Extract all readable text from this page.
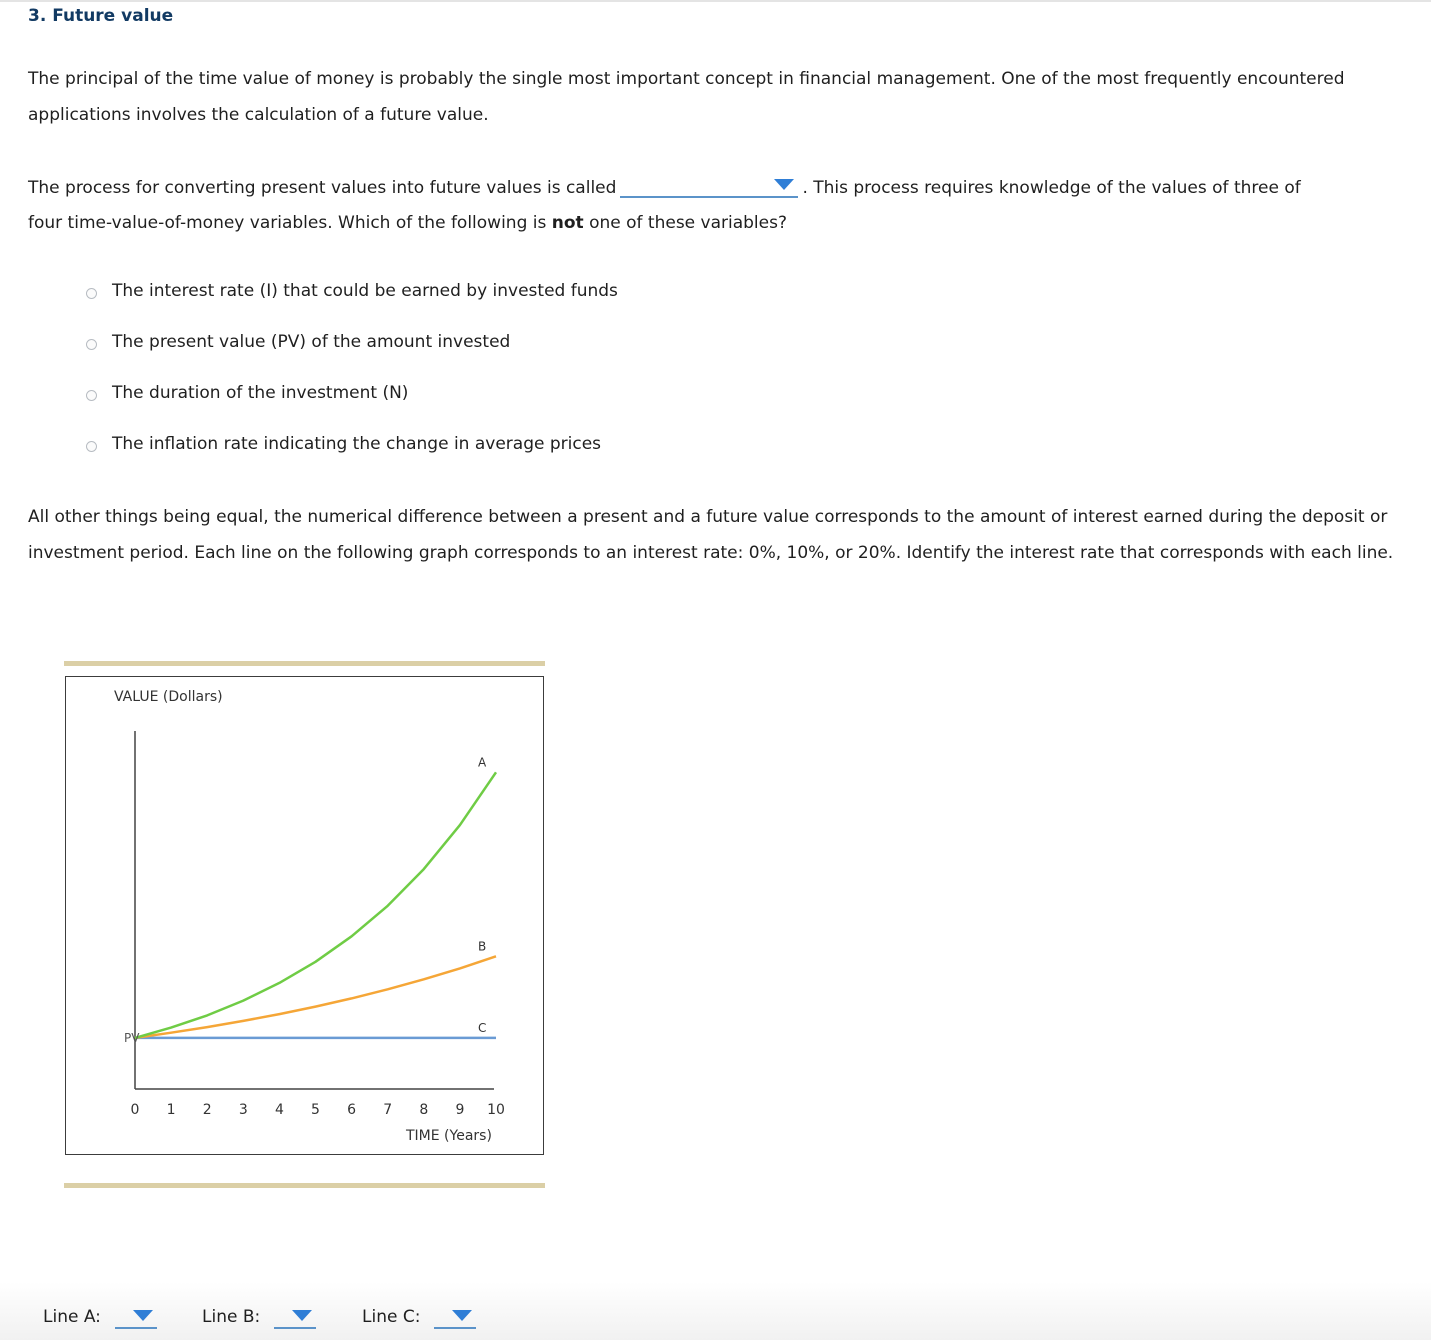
3. Future value
The principal of the time value of money is probably the single most important concept in financial management. One of the most frequently encountered applications involves the calculation of a future value.
The process for converting present values into future values is called	. This process requires knowledge of the values of three of
four time-value-of-money variables. Which of the following is not one of these variables?
The interest rate (I) that could be earned by invested funds
The present value (PV) of the amount invested
The duration of the investment (N)
The inflation rate indicating the change in average prices
All other things being equal, the numerical difference between a present and a future value corresponds to the amount of interest earned during the deposit or investment period. Each line on the following graph corresponds to an interest rate: 0%, 10%, or 20%. Identify the interest rate that corresponds with each line.
VALUE (Dollars)
C
B
A
PV
0 1 2 3 4 5 6 7 8 9 10
TIME (Years)
Line A:	Line B:	Line C:
